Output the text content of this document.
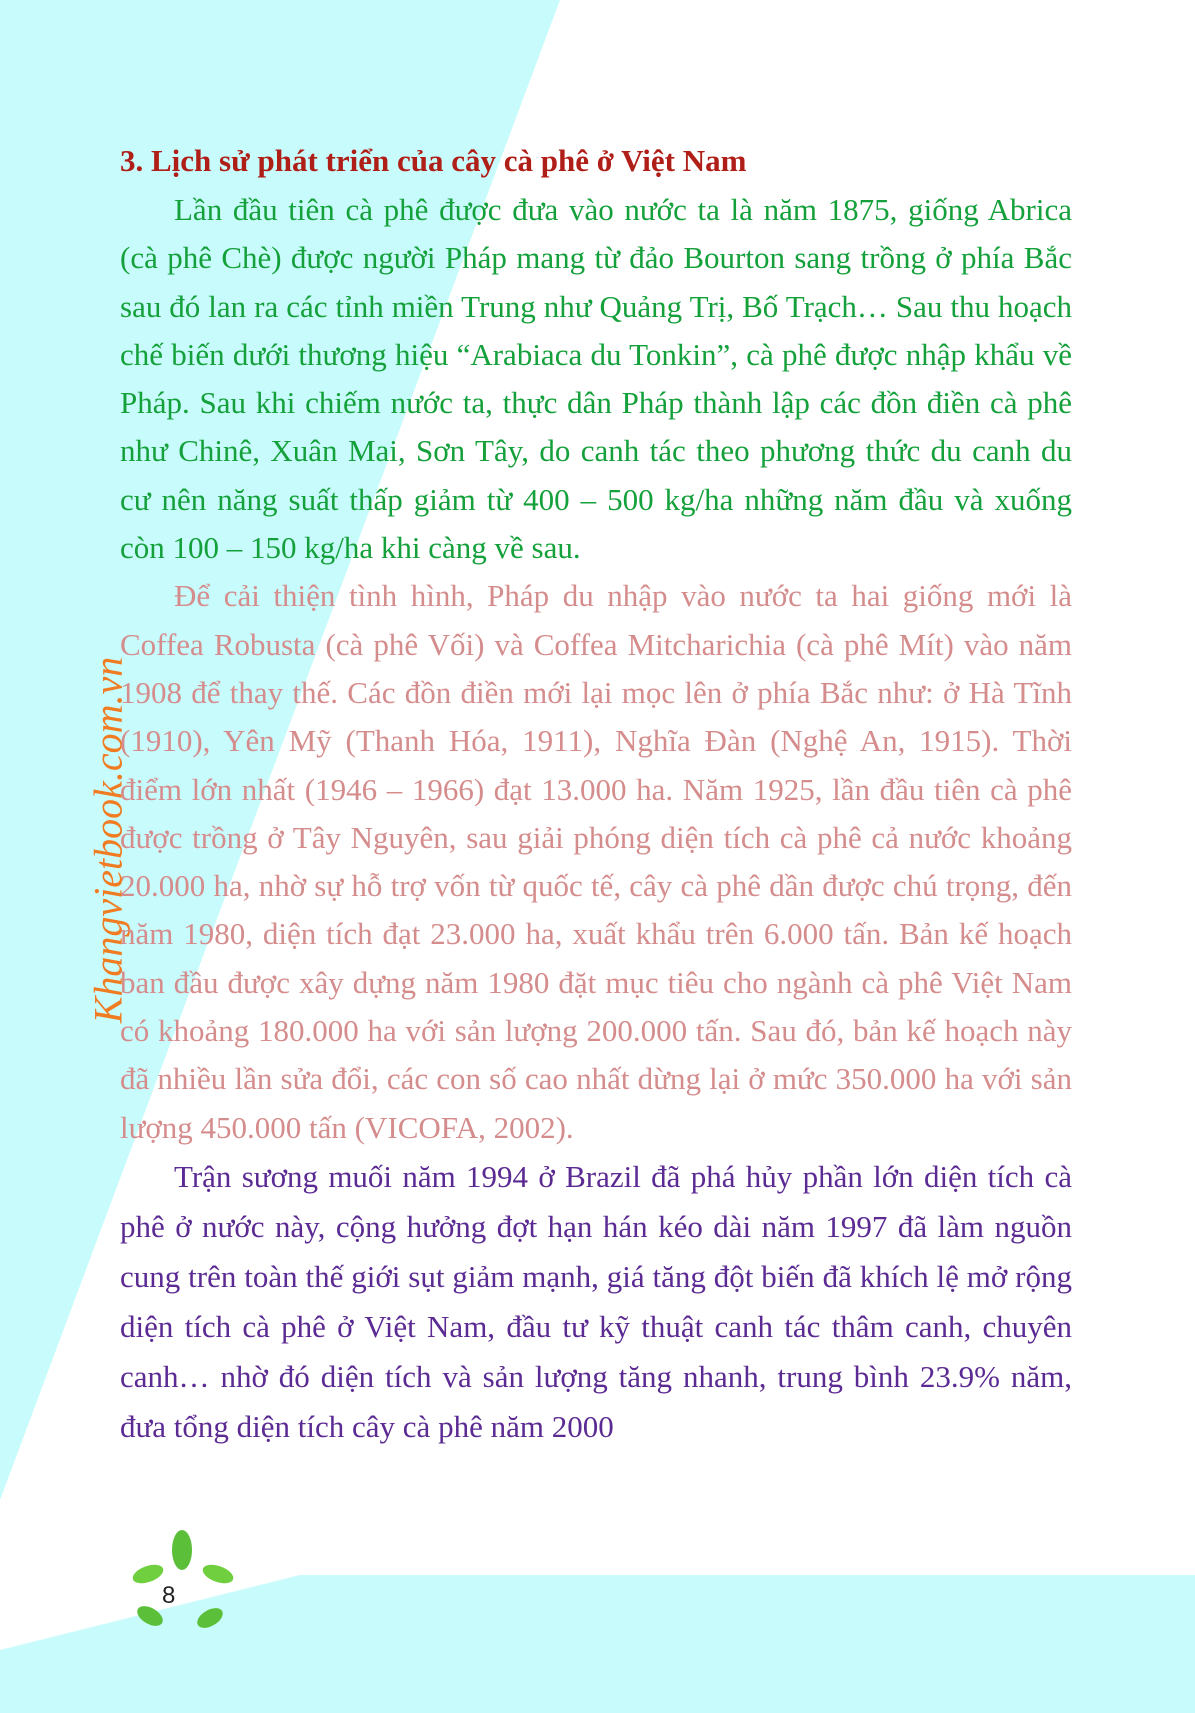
Khangvietbook.com.vn
3. Lịch sử phát triển của cây cà phê ở Việt Nam

Lần đầu tiên cà phê được đưa vào nước ta là năm 1875, giống Abrica (cà phê Chè) được người Pháp mang từ đảo Bourton sang trồng ở phía Bắc sau đó lan ra các tỉnh miền Trung như Quảng Trị, Bố Trạch… Sau thu hoạch chế biến dưới thương hiệu “Arabiaca du Tonkin”, cà phê được nhập khẩu về Pháp. Sau khi chiếm nước ta, thực dân Pháp thành lập các đồn điền cà phê như Chinê, Xuân Mai, Sơn Tây, do canh tác theo phương thức du canh du cư nên năng suất thấp giảm từ 400 – 500 kg/ha những năm đầu và xuống còn 100 – 150 kg/ha khi càng về sau.

Để cải thiện tình hình, Pháp du nhập vào nước ta hai giống mới là Coffea Robusta (cà phê Vối) và Coffea Mitcharichia (cà phê Mít) vào năm 1908 để thay thế. Các đồn điền mới lại mọc lên ở phía Bắc như: ở Hà Tĩnh (1910), Yên Mỹ (Thanh Hóa, 1911), Nghĩa Đàn (Nghệ An, 1915). Thời điểm lớn nhất (1946 – 1966) đạt 13.000 ha. Năm 1925, lần đầu tiên cà phê được trồng ở Tây Nguyên, sau giải phóng diện tích cà phê cả nước khoảng 20.000 ha, nhờ sự hỗ trợ vốn từ quốc tế, cây cà phê dần được chú trọng, đến năm 1980, diện tích đạt 23.000 ha, xuất khẩu trên 6.000 tấn. Bản kế hoạch ban đầu được xây dựng năm 1980 đặt mục tiêu cho ngành cà phê Việt Nam có khoảng 180.000 ha với sản lượng 200.000 tấn. Sau đó, bản kế hoạch này đã nhiều lần sửa đổi, các con số cao nhất dừng lại ở mức 350.000 ha với sản lượng 450.000 tấn (VICOFA, 2002).

Trận sương muối năm 1994 ở Brazil đã phá hủy phần lớn diện tích cà phê ở nước này, cộng hưởng đợt hạn hán kéo dài năm 1997 đã làm nguồn cung trên toàn thế giới sụt giảm mạnh, giá tăng đột biến đã khích lệ mở rộng diện tích cà phê ở Việt Nam, đầu tư kỹ thuật canh tác thâm canh, chuyên canh… nhờ đó diện tích và sản lượng tăng nhanh, trung bình 23.9% năm, đưa tổng diện tích cây cà phê năm 2000

8
